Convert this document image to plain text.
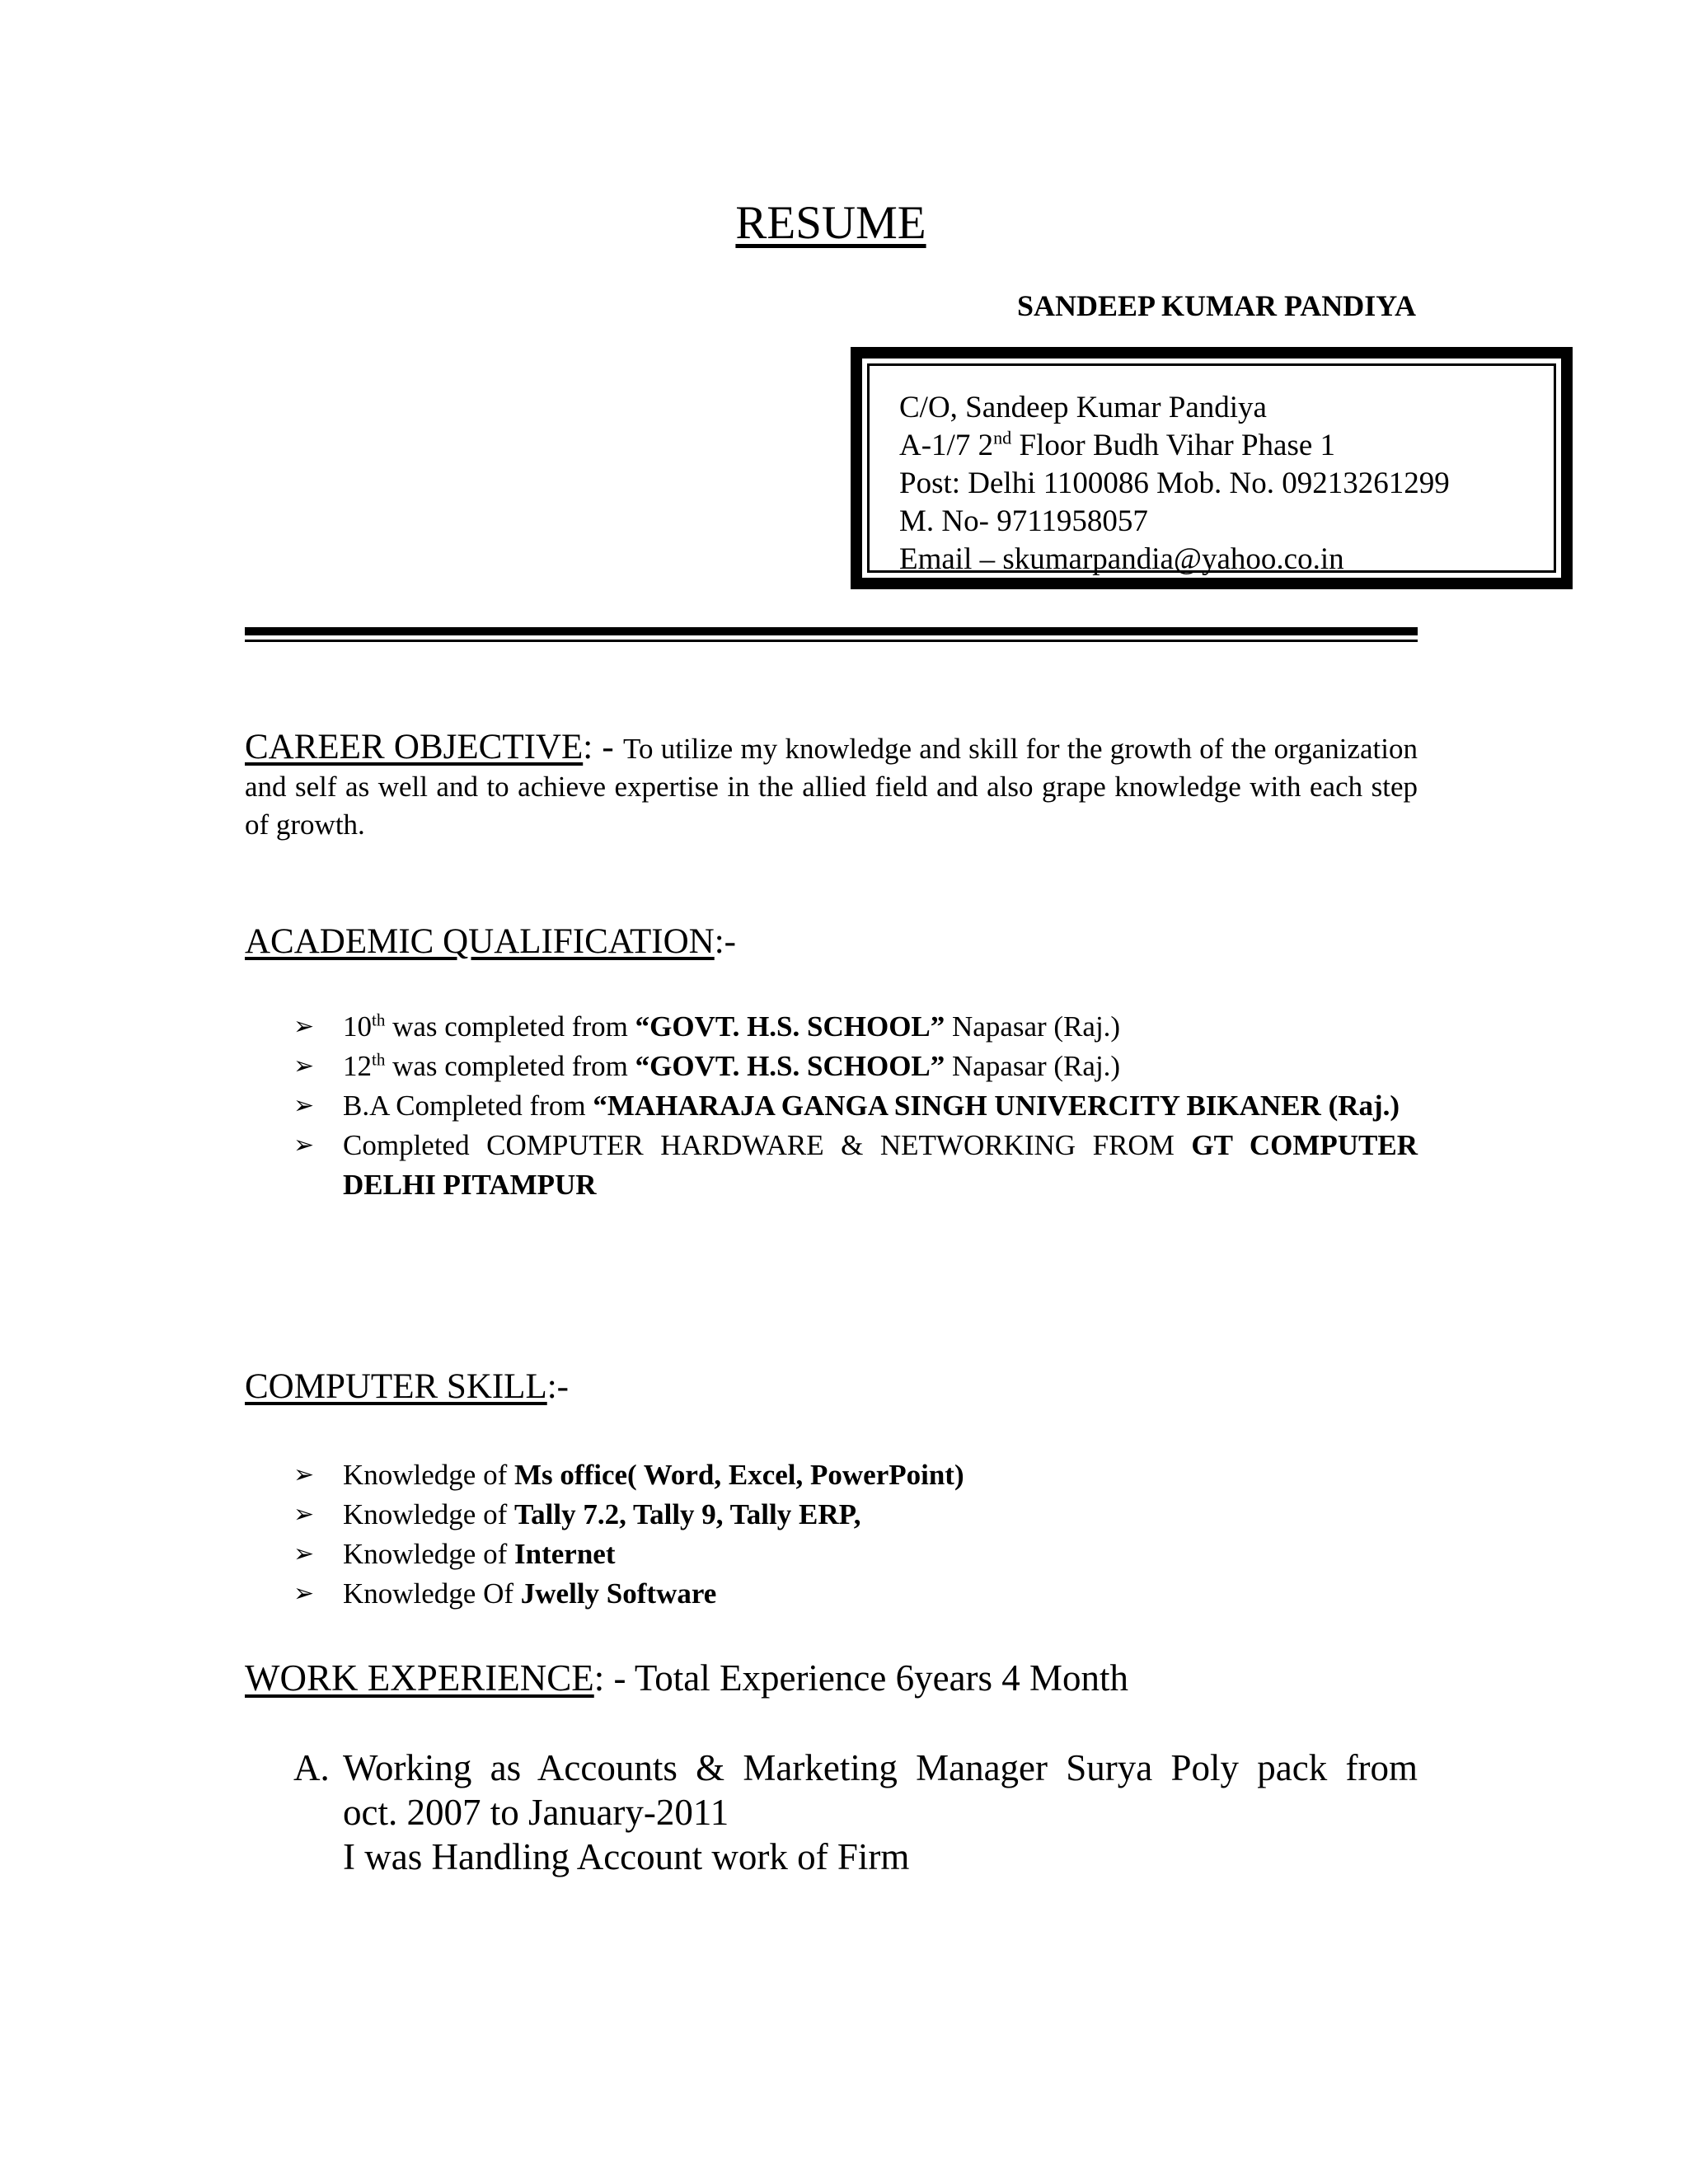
RESUME
SANDEEP KUMAR PANDIYA
C/O, Sandeep Kumar Pandiya
A-1/7 2nd Floor Budh Vihar Phase 1
Post: Delhi 1100086 Mob. No. 09213261299
M. No- 9711958057
Email – skumarpandia@yahoo.co.in
CAREER OBJECTIVE: - To utilize my knowledge and skill for the growth of the organization and self as well and to achieve expertise in the allied field and also grape knowledge with each step of growth.
ACADEMIC QUALIFICATION:-
➢ 10th was completed from “GOVT. H.S. SCHOOL” Napasar (Raj.)
➢ 12th was completed from “GOVT. H.S. SCHOOL” Napasar (Raj.)
➢ B.A Completed from “MAHARAJA GANGA SINGH UNIVERCITY BIKANER (Raj.)
➢ Completed COMPUTER HARDWARE & NETWORKING FROM GT COMPUTER DELHI PITAMPUR
COMPUTER SKILL:-
➢ Knowledge of Ms office( Word, Excel, PowerPoint)
➢ Knowledge of Tally 7.2, Tally 9, Tally ERP,
➢ Knowledge of Internet
➢ Knowledge Of Jwelly Software
WORK EXPERIENCE: - Total Experience 6years 4 Month
A. Working as Accounts & Marketing Manager Surya Poly pack from
oct. 2007 to January-2011
I was Handling Account work of Firm
